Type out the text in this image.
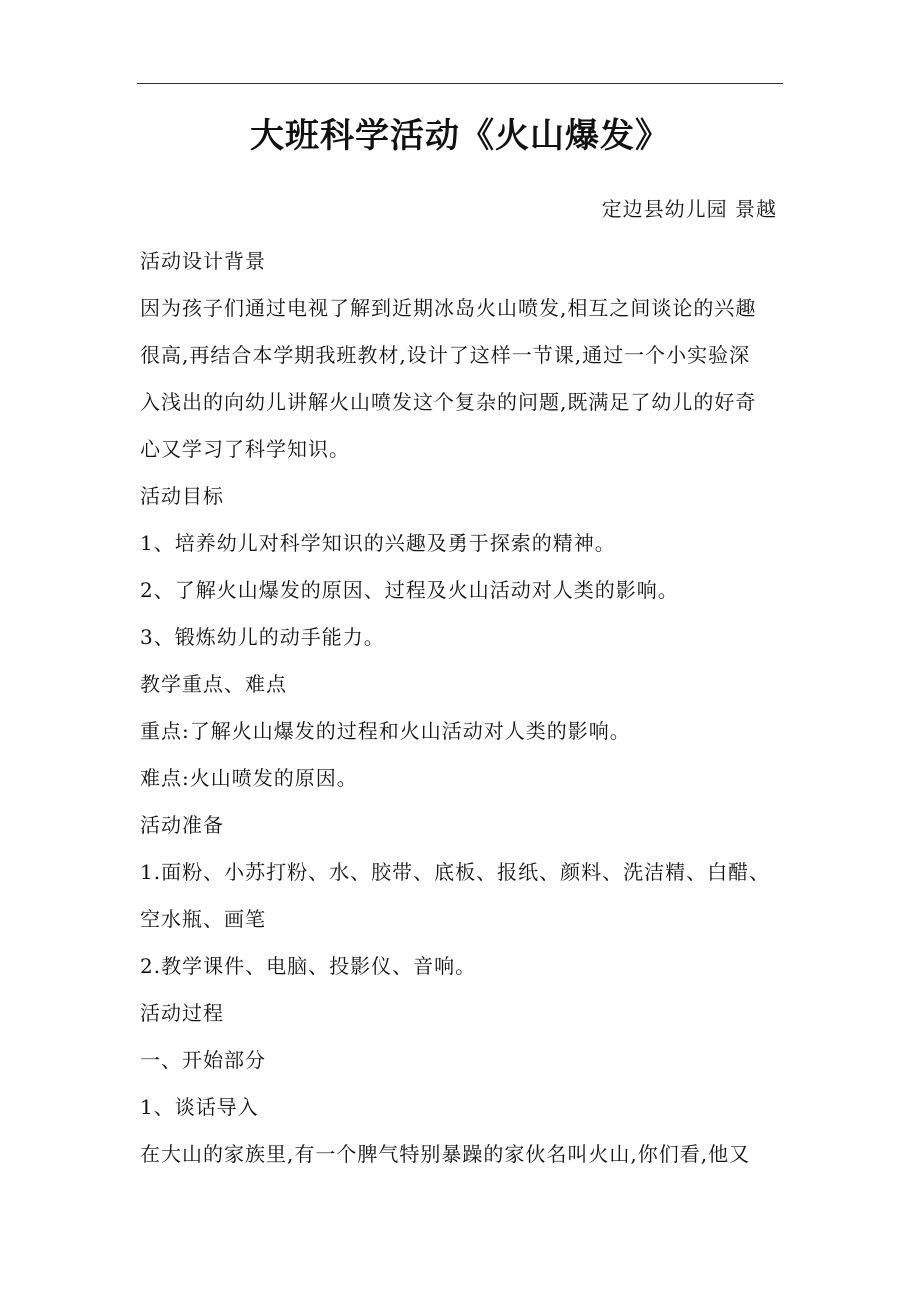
大班科学活动《火山爆发》
定边县幼儿园 景越
活动设计背景
因为孩子们通过电视了解到近期冰岛火山喷发,相互之间谈论的兴趣
很高,再结合本学期我班教材,设计了这样一节课,通过一个小实验深
入浅出的向幼儿讲解火山喷发这个复杂的问题,既满足了幼儿的好奇
心又学习了科学知识。
活动目标
1、培养幼儿对科学知识的兴趣及勇于探索的精神。
2、了解火山爆发的原因、过程及火山活动对人类的影响。
3、锻炼幼儿的动手能力。
教学重点、难点
重点:了解火山爆发的过程和火山活动对人类的影响。
难点:火山喷发的原因。
活动准备
1.面粉、小苏打粉、水、胶带、底板、报纸、颜料、洗洁精、白醋、
空水瓶、画笔
2.教学课件、电脑、投影仪、音响。
活动过程
一、开始部分
1、谈话导入
在大山的家族里,有一个脾气特别暴躁的家伙名叫火山,你们看,他又
